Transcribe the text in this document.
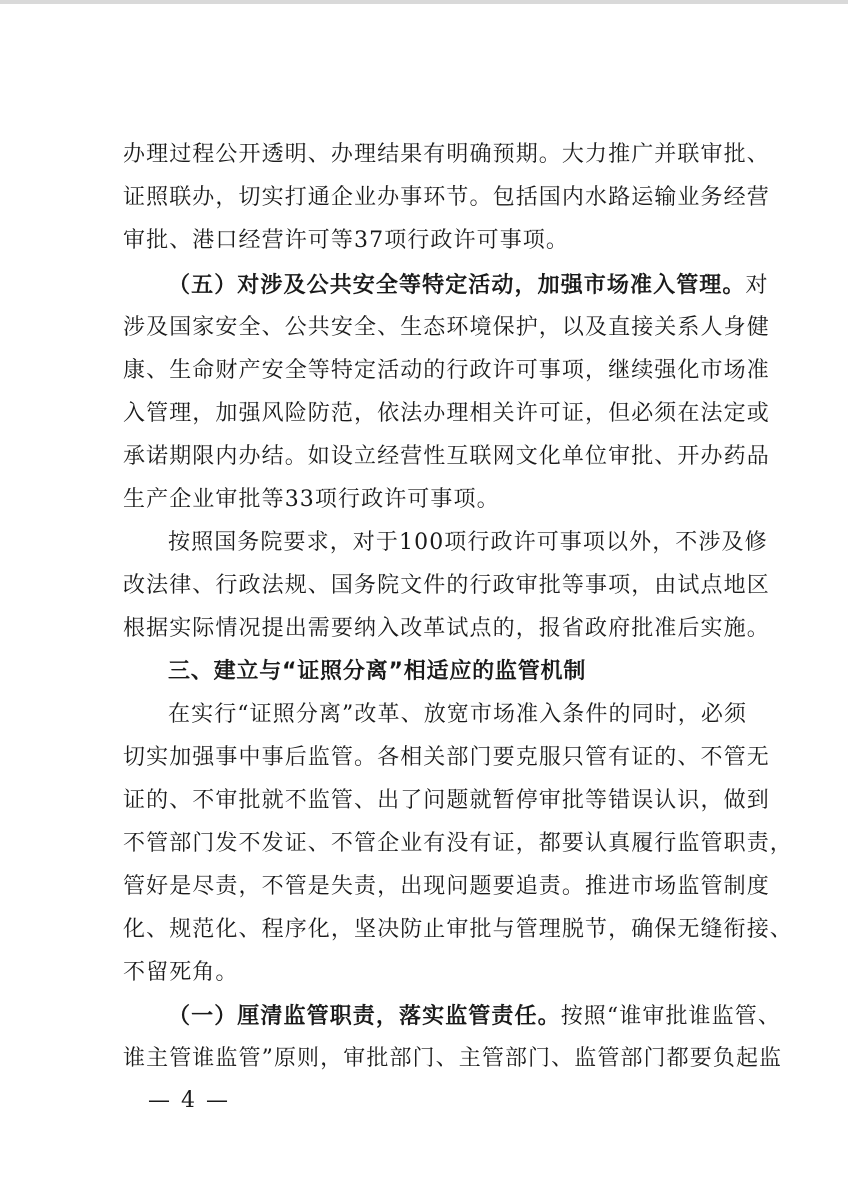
办理过程公开透明、办理结果有明确预期。大力推广并联审批、
证照联办，切实打通企业办事环节。包括国内水路运输业务经营
审批、港口经营许可等37项行政许可事项。
（五）对涉及公共安全等特定活动，加强市场准入管理。对
涉及国家安全、公共安全、生态环境保护，以及直接关系人身健
康、生命财产安全等特定活动的行政许可事项，继续强化市场准
入管理，加强风险防范，依法办理相关许可证，但必须在法定或
承诺期限内办结。如设立经营性互联网文化单位审批、开办药品
生产企业审批等33项行政许可事项。
按照国务院要求，对于100项行政许可事项以外，不涉及修
改法律、行政法规、国务院文件的行政审批等事项，由试点地区
根据实际情况提出需要纳入改革试点的，报省政府批准后实施。
三、建立与“证照分离”相适应的监管机制
在实行“证照分离”改革、放宽市场准入条件的同时，必须
切实加强事中事后监管。各相关部门要克服只管有证的、不管无
证的、不审批就不监管、出了问题就暂停审批等错误认识，做到
不管部门发不发证、不管企业有没有证，都要认真履行监管职责，
管好是尽责，不管是失责，出现问题要追责。推进市场监管制度
化、规范化、程序化，坚决防止审批与管理脱节，确保无缝衔接、
不留死角。
（一）厘清监管职责，落实监管责任。按照“谁审批谁监管、
谁主管谁监管”原则，审批部门、主管部门、监管部门都要负起监
— 4 —
